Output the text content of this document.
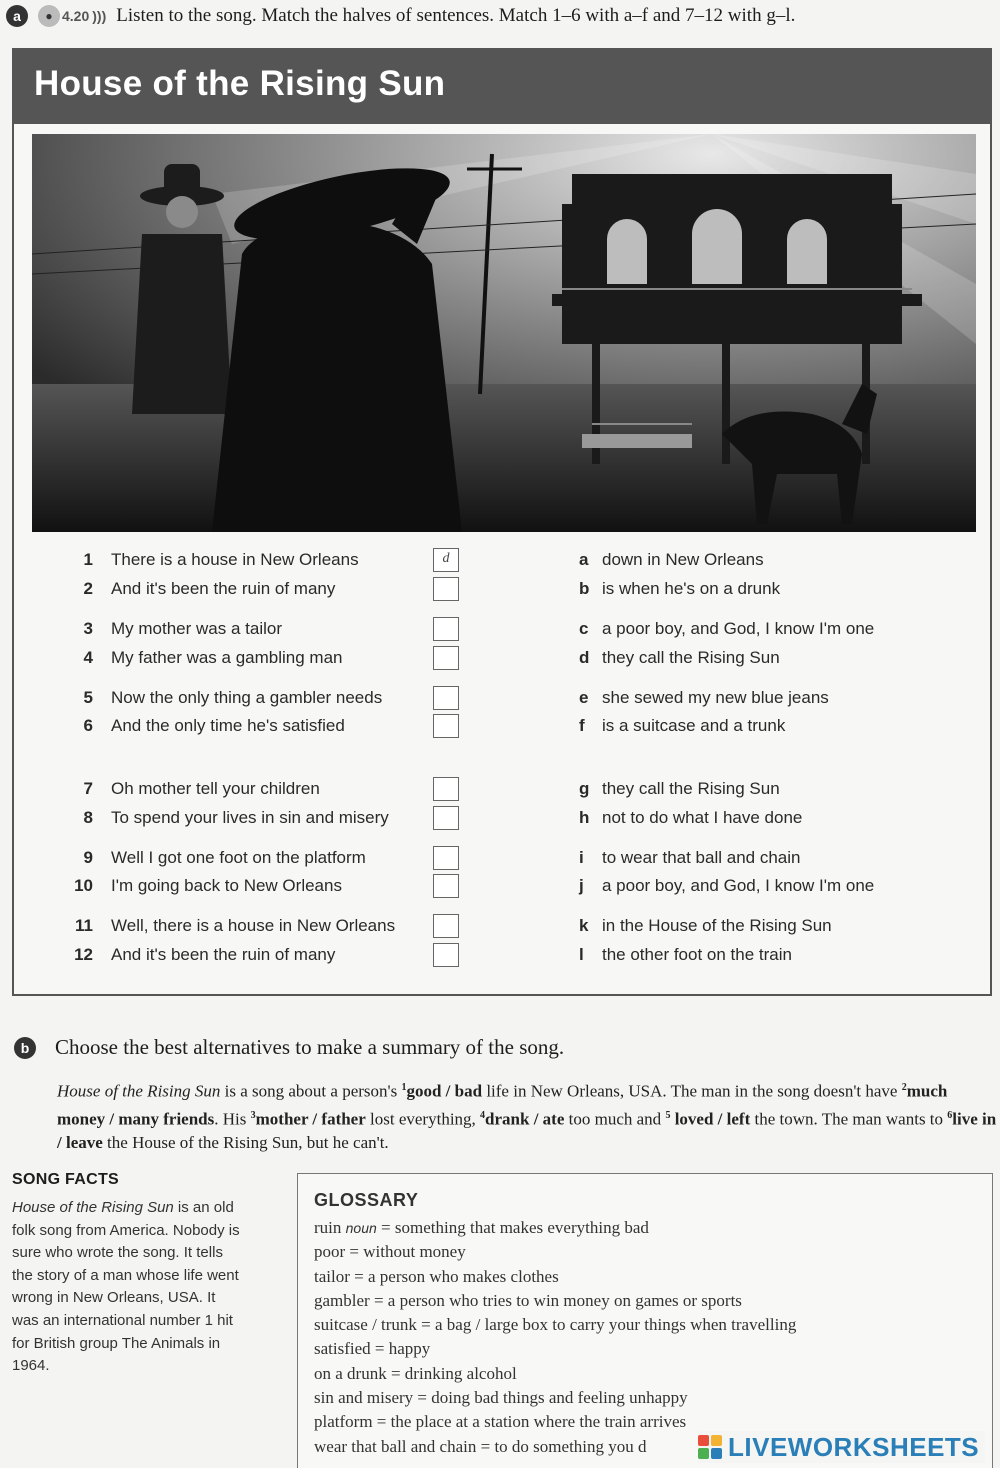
a	● 4.20 ))) Listen to the song. Match the halves of sentences. Match 1–6 with a–f and 7–12 with g–l.
House of the Rising Sun
1 There is a house in New Orleans	d	a down in New Orleans
2 And it's been the ruin of many	b is when he's on a drunk
3 My mother was a tailor	c a poor boy, and God, I know I'm one
4 My father was a gambling man	d they call the Rising Sun
5 Now the only thing a gambler needs	e she sewed my new blue jeans
6 And the only time he's satisfied	f	is a suitcase and a trunk
7 Oh mother tell your children	g they call the Rising Sun
8 To spend your lives in sin and misery	h not to do what I have done
9 Well I got one foot on the platform	i	to wear that ball and chain
10 I'm going back to New Orleans	j	a poor boy, and God, I know I'm one
11 Well, there is a house in New Orleans	k in the House of the Rising Sun
12 And it's been the ruin of many	l	the other foot on the train
b	Choose the best alternatives to make a summary of the song.
House of the Rising Sun is a song about a person's $^1$good / bad life in New Orleans, USA. The man in the song doesn't have $^2$much money / many friends. His $^3$mother / father lost everything, $^4$drank / ate too much and $^5$ loved / left the town. The man wants to $^6$live in / leave the House of the Rising Sun, but he can't.
SONG FACTS
House of the Rising Sun is an old folk song from America. Nobody is sure who wrote the song. It tells the story of a man whose life went wrong in New Orleans, USA. It was an international number 1 hit for British group The Animals in 1964.
GLOSSARY
ruin noun = something that makes everything bad
poor = without money
tailor = a person who makes clothes
gambler = a person who tries to win money on games or sports
suitcase / trunk = a bag / large box to carry your things when travelling
satisfied = happy
on a drunk = drinking alcohol
sin and misery = doing bad things and feeling unhappy
platform = the place at a station where the train arrives
wear that ball and chain = to do something you d	LIVEWORKSHEETS
